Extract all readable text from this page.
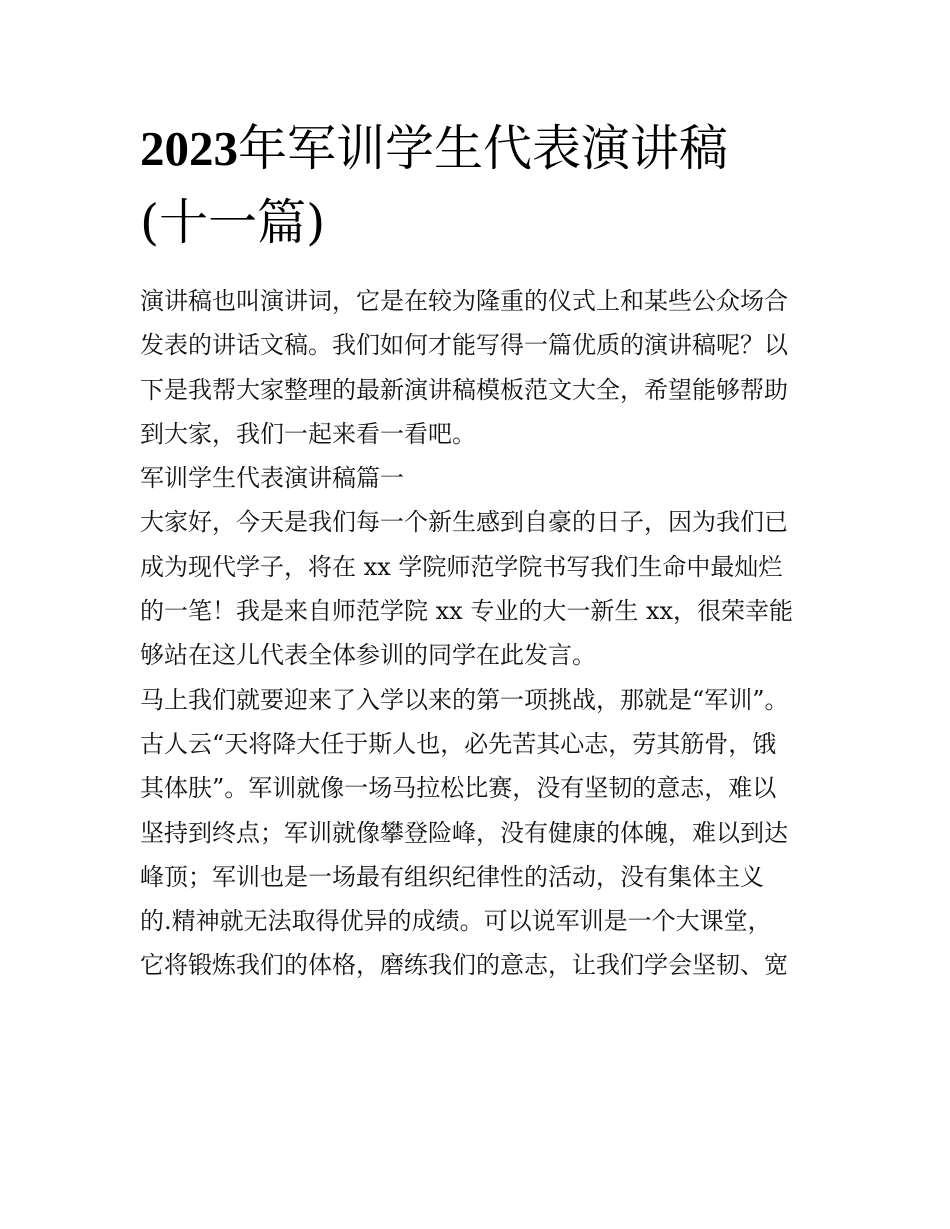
2023年军训学生代表演讲稿
(十一篇)
演讲稿也叫演讲词，它是在较为隆重的仪式上和某些公众场合
发表的讲话文稿。我们如何才能写得一篇优质的演讲稿呢？以
下是我帮大家整理的最新演讲稿模板范文大全，希望能够帮助
到大家，我们一起来看一看吧。
军训学生代表演讲稿篇一
大家好，今天是我们每一个新生感到自豪的日子，因为我们已
成为现代学子，将在 xx 学院师范学院书写我们生命中最灿烂
的一笔！我是来自师范学院 xx 专业的大一新生 xx，很荣幸能
够站在这儿代表全体参训的同学在此发言。
马上我们就要迎来了入学以来的第一项挑战，那就是“军训”。
古人云“天将降大任于斯人也，必先苦其心志，劳其筋骨，饿
其体肤”。军训就像一场马拉松比赛，没有坚韧的意志，难以
坚持到终点；军训就像攀登险峰，没有健康的体魄，难以到达
峰顶；军训也是一场最有组织纪律性的活动，没有集体主义
的.精神就无法取得优异的成绩。可以说军训是一个大课堂，
它将锻炼我们的体格，磨练我们的意志，让我们学会坚韧、宽
